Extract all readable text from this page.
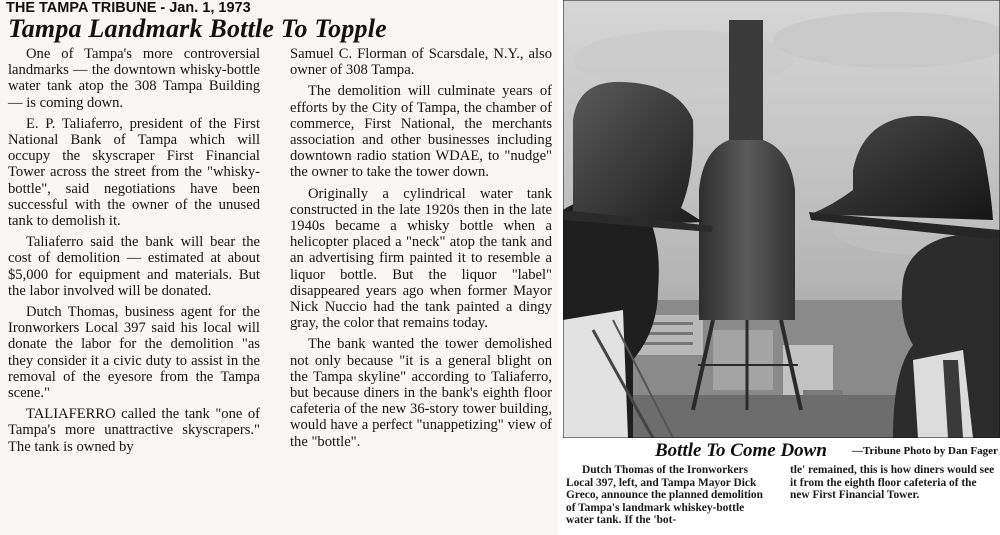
THE TAMPA TRIBUNE - Jan. 1, 1973
Tampa Landmark Bottle To Topple

One of Tampa's more controversial landmarks — the downtown whisky-bottle water tank atop the 308 Tampa Building — is coming down.

E. P. Taliaferro, president of the First National Bank of Tampa which will occupy the skyscraper First Financial Tower across the street from the "whisky-bottle", said negotiations have been successful with the owner of the unused tank to demolish it.

Taliaferro said the bank will bear the cost of demolition — estimated at about $5,000 for equipment and materials. But the labor involved will be donated.

Dutch Thomas, business agent for the Ironworkers Local 397 said his local will donate the labor for the demolition "as they consider it a civic duty to assist in the removal of the eyesore from the Tampa scene."

TALIAFERRO called the tank "one of Tampa's more unattractive skyscrapers." The tank is owned by

Samuel C. Florman of Scarsdale, N.Y., also owner of 308 Tampa.

The demolition will culminate years of efforts by the City of Tampa, the chamber of commerce, First National, the merchants association and other businesses including downtown radio station WDAE, to "nudge" the owner to take the tower down.

Originally a cylindrical water tank constructed in the late 1920s then in the late 1940s became a whisky bottle when a helicopter placed a "neck" atop the tank and an advertising firm painted it to resemble a liquor bottle. But the liquor "label" disappeared years ago when former Mayor Nick Nuccio had the tank painted a dingy gray, the color that remains today.

The bank wanted the tower demolished not only because "it is a general blight on the Tampa skyline" according to Taliaferro, but because diners in the bank's eighth floor cafeteria of the new 36-story tower building, would have a perfect "unappetizing" view of the "bottle".	Bottle To Come Down —Tribune Photo by Dan Fager

Dutch Thomas of the Ironworkers Local 397, left, and Tampa Mayor Dick Greco, announce the planned demolition of Tampa's landmark whiskey-bottle water tank. If the 'bot-

tle' remained, this is how diners would see it from the eighth floor cafeteria of the new First Financial Tower.
